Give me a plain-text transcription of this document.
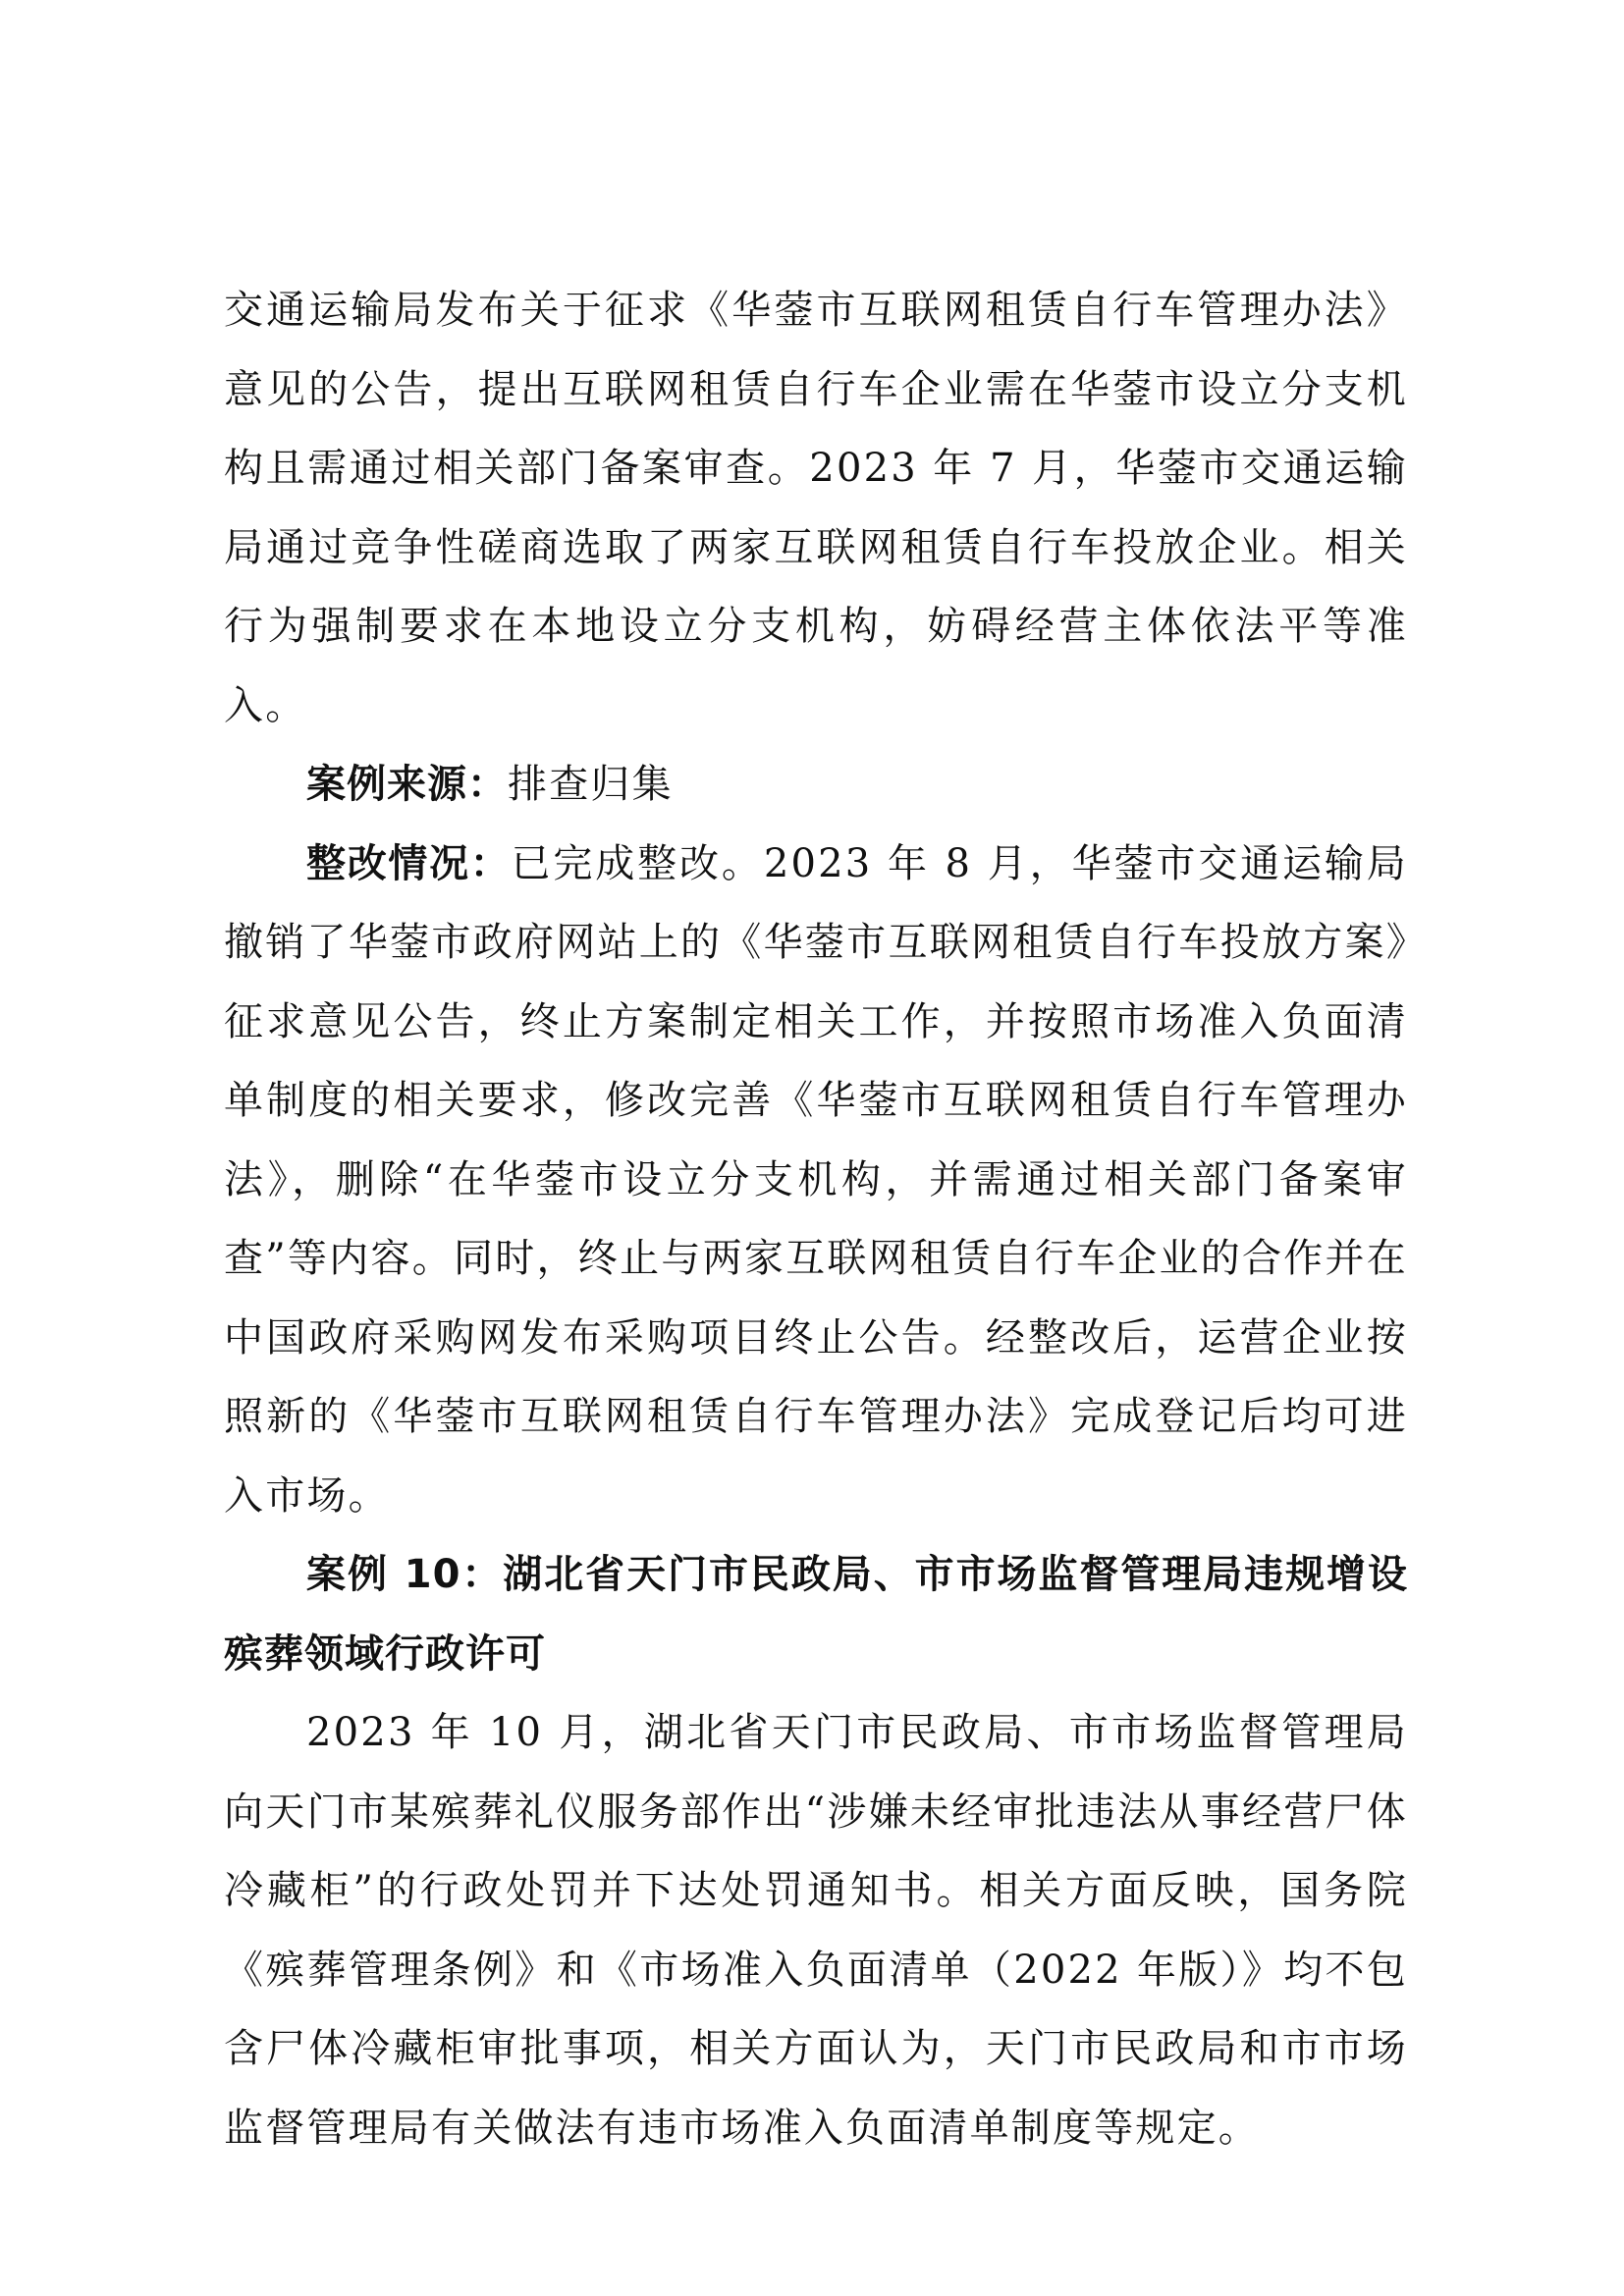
交通运输局发布关于征求《华蓥市互联网租赁自行车管理办法》意见的公告，提出互联网租赁自行车企业需在华蓥市设立分支机构且需通过相关部门备案审查。2023 年 7 月，华蓥市交通运输局通过竞争性磋商选取了两家互联网租赁自行车投放企业。相关行为强制要求在本地设立分支机构，妨碍经营主体依法平等准入。

案例来源：排查归集

整改情况：已完成整改。2023 年 8 月，华蓥市交通运输局撤销了华蓥市政府网站上的《华蓥市互联网租赁自行车投放方案》征求意见公告，终止方案制定相关工作，并按照市场准入负面清单制度的相关要求，修改完善《华蓥市互联网租赁自行车管理办法》，删除“在华蓥市设立分支机构，并需通过相关部门备案审查”等内容。同时，终止与两家互联网租赁自行车企业的合作并在中国政府采购网发布采购项目终止公告。经整改后，运营企业按照新的《华蓥市互联网租赁自行车管理办法》完成登记后均可进入市场。

案例 10：湖北省天门市民政局、市市场监督管理局违规增设殡葬领域行政许可

2023 年 10 月，湖北省天门市民政局、市市场监督管理局向天门市某殡葬礼仪服务部作出“涉嫌未经审批违法从事经营尸体冷藏柜”的行政处罚并下达处罚通知书。相关方面反映，国务院《殡葬管理条例》和《市场准入负面清单（2022 年版）》均不包含尸体冷藏柜审批事项，相关方面认为，天门市民政局和市市场监督管理局有关做法有违市场准入负面清单制度等规定。
